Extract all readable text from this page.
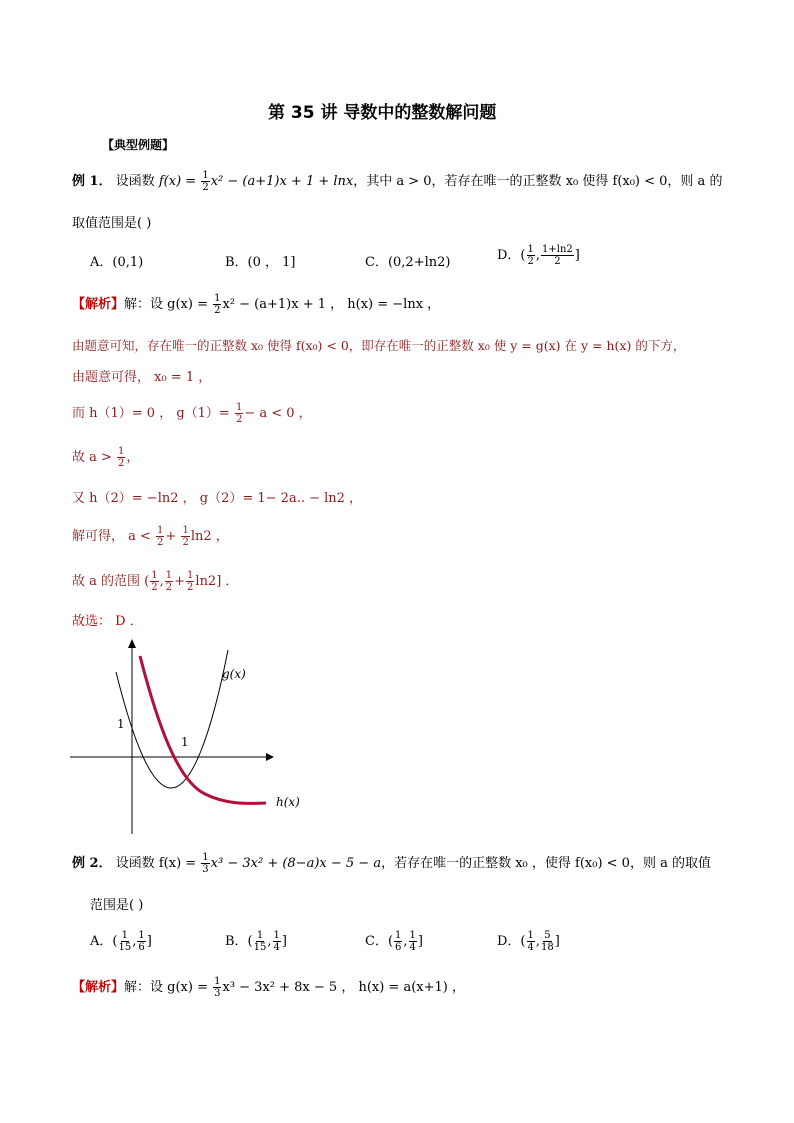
第 35 讲 导数中的整数解问题
【典型例题】
例 1． 设函数 $f(x) = \frac{1}{2} x^2 - (a+1)x + 1 + \ln x$，其中 a > 0，若存在唯一的正整数 x₀ 使得 f(x₀) < 0，则 a 的
取值范围是( )
A．(0,1)	B．(0 ， 1]	C．(0,2+ln2)	D．( $\frac{1}{2}$ , $\frac{1+\ln 2}{2}$ ]
【解析】解：设 $g(x) = \frac{1}{2} x^2 - (a+1)x + 1$ ， h(x) = −lnx ，
由题意可知，存在唯一的正整数 x₀ 使得 f(x₀) < 0，即存在唯一的正整数 x₀ 使 y = g(x) 在 y = h(x) 的下方，
由题意可得， x₀ = 1 ，
而 h（1）= 0 ， $g(1)= \frac{1}{2} - a < 0$ ，
故 $a > \frac{1}{2}$ ，
又 h（2）= −ln2 ， g（2）= 1− 2a.. − ln2 ，
解可得， $a < \frac{1}{2} + \frac{1}{2} \ln 2$ ，
故 a 的范围 ( $\frac{1}{2}$ , $\frac{1}{2} + \frac{1}{2} \ln 2$] ．
故选： D ．
g(x)
h(x)
1
1
例 2． 设函数 $f(x) = \frac{1}{3} x^3 - 3x^2 + (8-a)x - 5 - a$，若存在唯一的正整数 x₀ ，使得 f(x₀) < 0，则 a 的取值
范围是( )
A．( $\frac{1}{15}$ , $\frac{1}{6}$ ]	B．( $\frac{1}{15}$ , $\frac{1}{4}$ ]	C．( $\frac{1}{6}$ , $\frac{1}{4}$ ]	D．( $\frac{1}{4}$ , $\frac{5}{18}$ ]
【解析】解：设 $g(x) = \frac{1}{3} x^3 - 3x^2 + 8x - 5$ ， h(x) = a(x+1) ，
